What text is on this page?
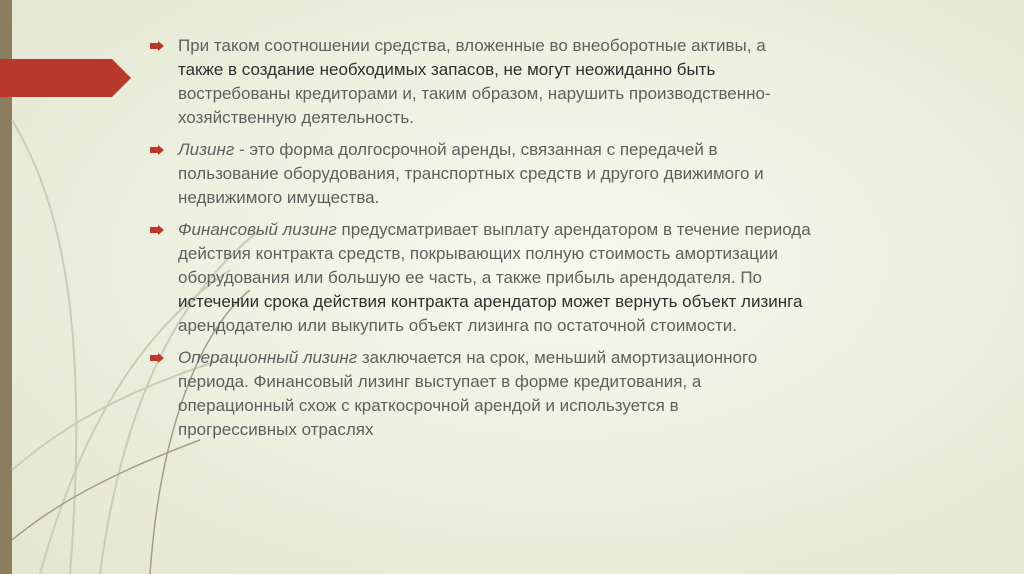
При таком соотношении средства, вложенные во внеоборотные активы, а
также в создание необходимых запасов, не могут неожиданно быть
востребованы кредиторами и, таким образом, нарушить производственно-
хозяйственную деятельность.
Лизинг - это форма долгосрочной аренды, связанная с передачей в
пользование оборудования, транспортных средств и другого движимого и
недвижимого имущества.
Финансовый лизинг предусматривает выплату арендатором в течение периода
действия контракта средств, покрывающих полную стоимость амортизации
оборудования или большую ее часть, а также прибыль арендодателя. По
истечении срока действия контракта арендатор может вернуть объект лизинга
арендодателю или выкупить объект лизинга по остаточной стоимости.
Операционный лизинг заключается на срок, меньший амортизационного
периода. Финансовый лизинг выступает в форме кредитования, а
операционный схож с краткосрочной арендой и используется в
прогрессивных отраслях
